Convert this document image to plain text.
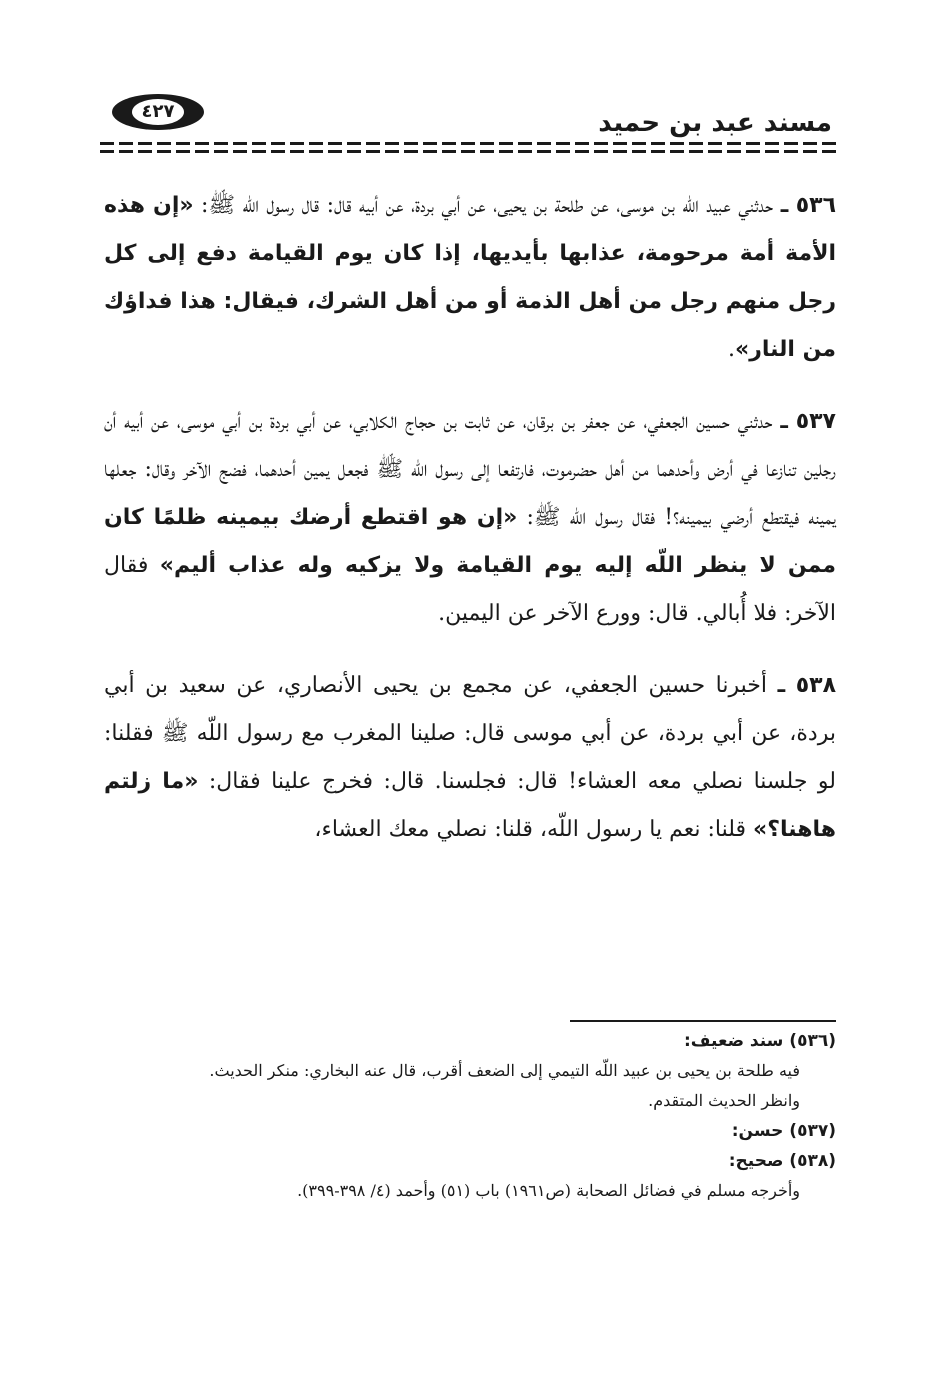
٤٢٧	مسند عبد بن حميد

٥٣٦ ـ حدثني عبيد اللّه بن موسى، عن طلحة بن يحيى، عن أبي بردة، عن أبيه قال: قال رسول اللّه ﷺ: «إن هذه الأمة أمة مرحومة، عذابها بأيديها، إذا كان يوم القيامة دفع إلى كل رجل منهم رجل من أهل الذمة أو من أهل الشرك، فيقال: هذا فداؤك من النار».

٥٣٧ ـ حدثني حسين الجعفي، عن جعفر بن برقان، عن ثابت بن حجاج الكلابي، عن أبي بردة بن أبي موسى، عن أبيه أن رجلين تنازعا في أرض وأحدهما من أهل حضرموت، فارتفعا إلى رسول اللّه ﷺ فجعل يمين أحدهما، فضج الآخر وقال: جعلها يمينه فيقتطع أرضي بيمينه؟! فقال رسول اللّه ﷺ: «إن هو اقتطع أرضك بيمينه ظلمًا كان ممن لا ينظر اللّه إليه يوم القيامة ولا يزكيه وله عذاب أليم» فقال الآخر: فلا أُبالي. قال: وورع الآخر عن اليمين.

٥٣٨ ـ أخبرنا حسين الجعفي، عن مجمع بن يحيى الأنصاري، عن سعيد بن أبي بردة، عن أبي بردة، عن أبي موسى قال: صلينا المغرب مع رسول اللّه ﷺ فقلنا: لو جلسنا نصلي معه العشاء! قال: فجلسنا. قال: فخرج علينا فقال: «ما زلتم هاهنا؟» قلنا: نعم يا رسول اللّه، قلنا: نصلي معك العشاء،

(٥٣٦) سند ضعيف:

فيه طلحة بن يحيى بن عبيد اللّه التيمي إلى الضعف أقرب، قال عنه البخاري: منكر الحديث.

وانظر الحديث المتقدم.

(٥٣٧) حسن:

(٥٣٨) صحيح:

وأخرجه مسلم في فضائل الصحابة (ص١٩٦١) باب (٥١) وأحمد (٤/ ٣٩٨-٣٩٩).
